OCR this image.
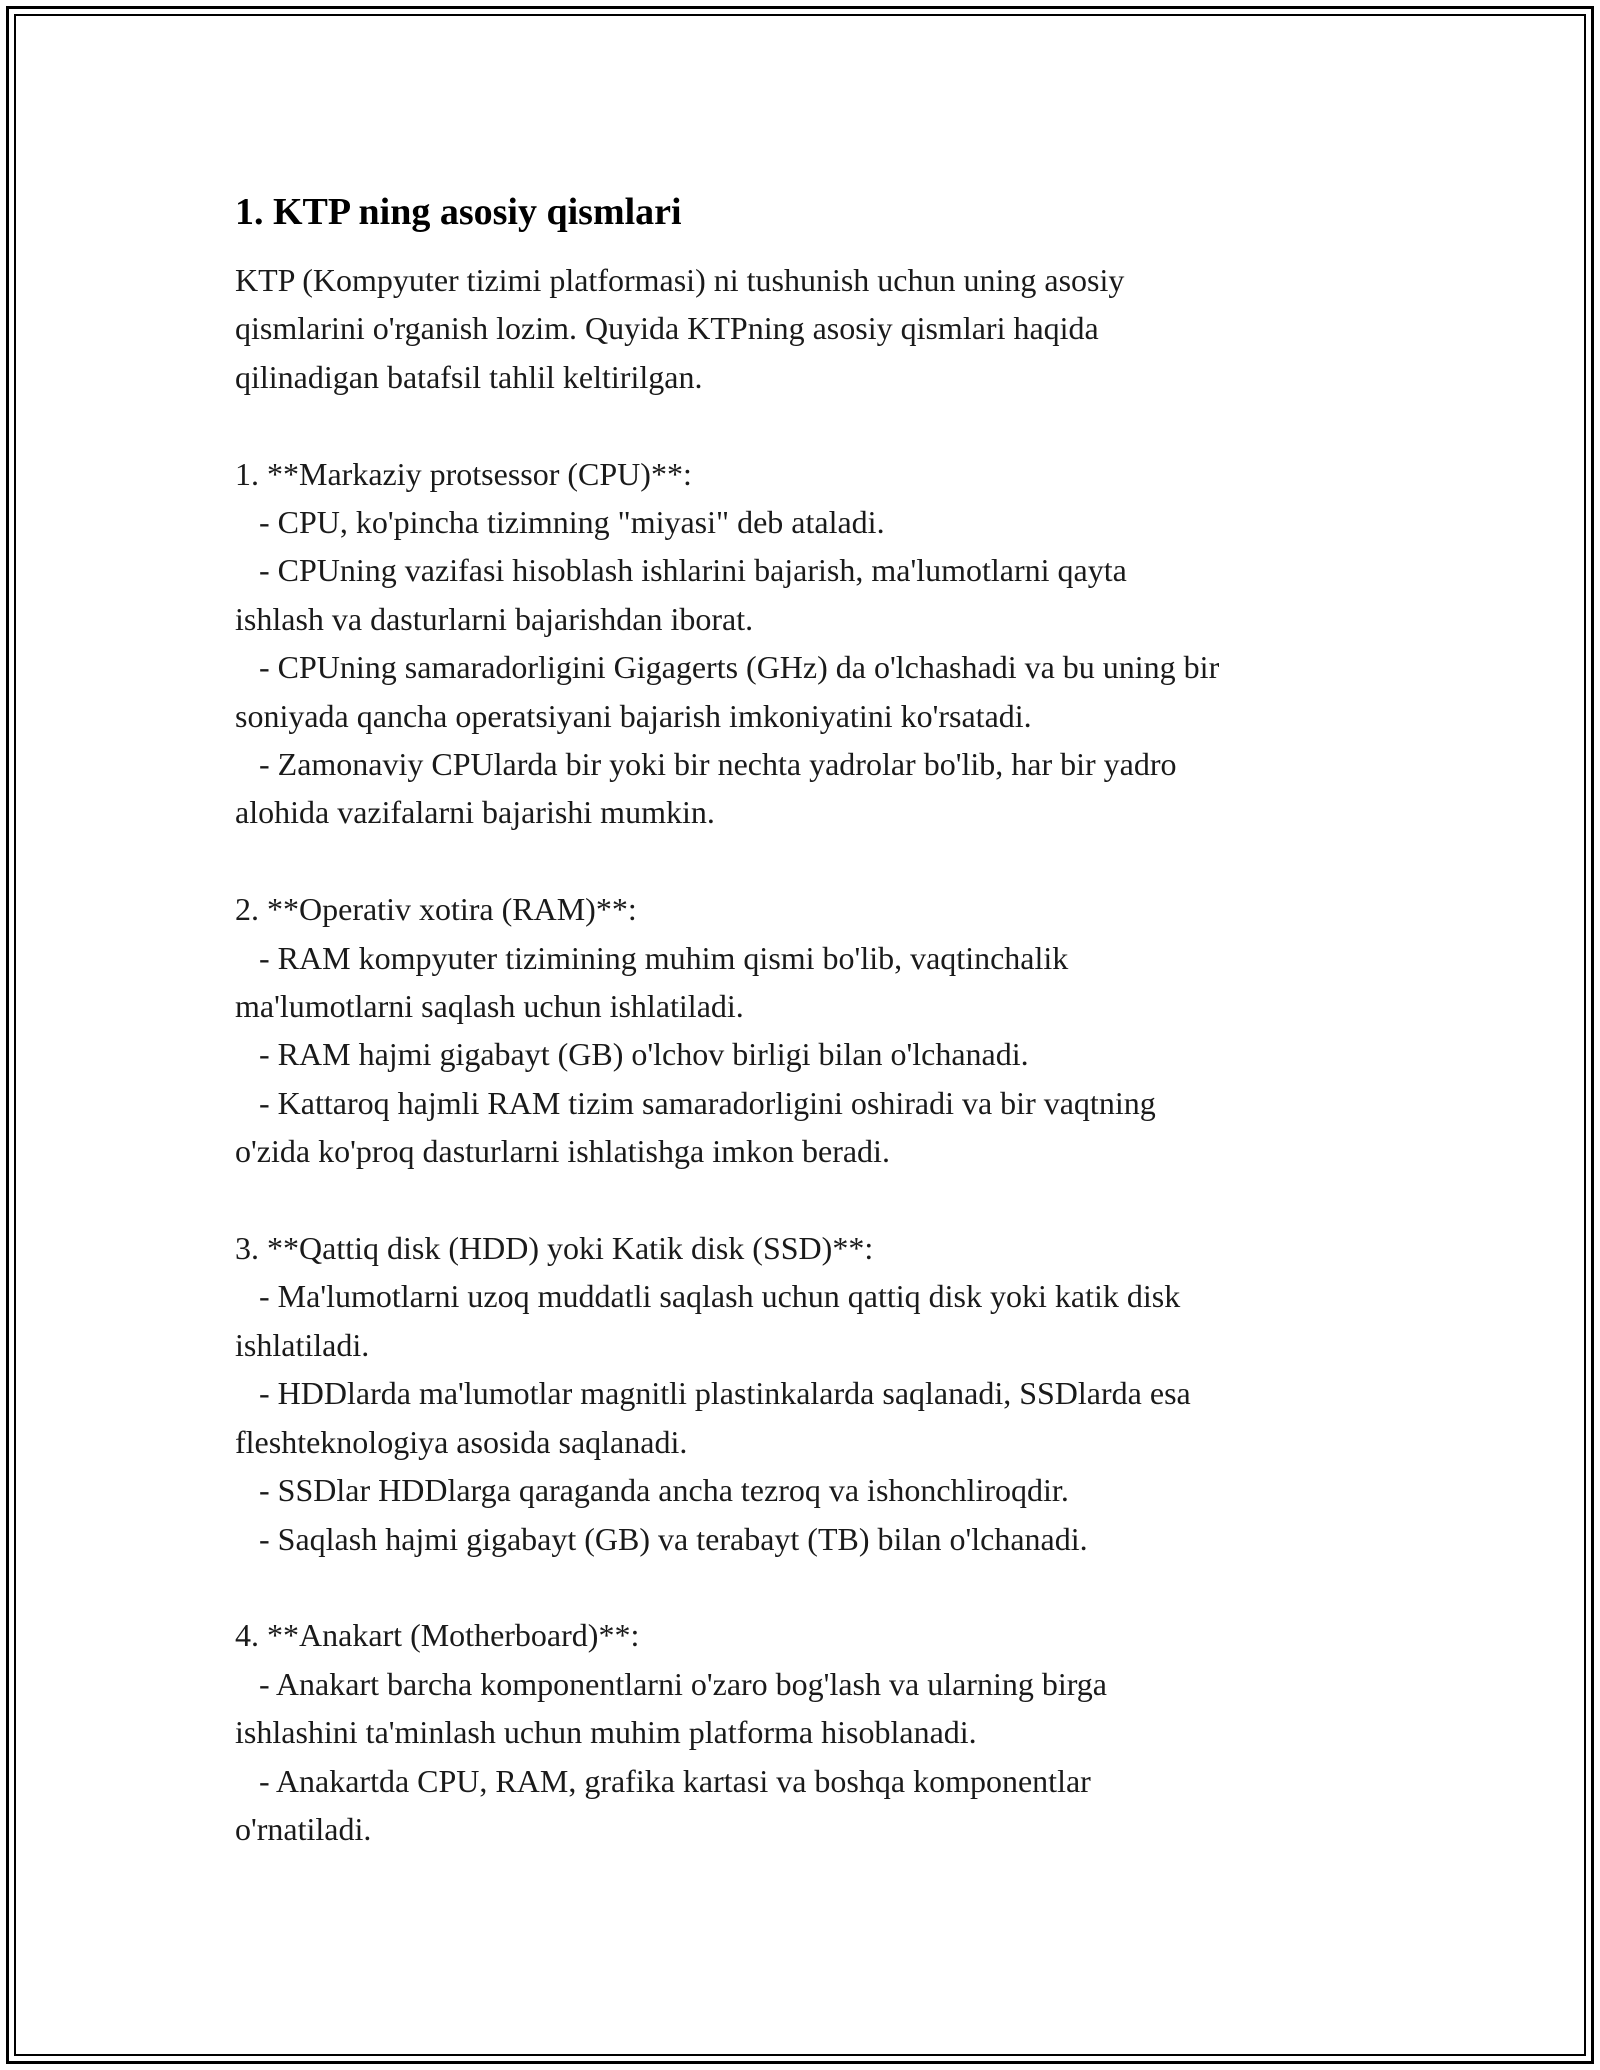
1. KTP ning asosiy qismlari

KTP (Kompyuter tizimi platformasi) ni tushunish uchun uning asosiy

qismlarini o'rganish lozim. Quyida KTPning asosiy qismlari haqida

qilinadigan batafsil tahlil keltirilgan.

1. **Markaziy protsessor (CPU)**:

- CPU, ko'pincha tizimning "miyasi" deb ataladi.

- CPUning vazifasi hisoblash ishlarini bajarish, ma'lumotlarni qayta

ishlash va dasturlarni bajarishdan iborat.

- CPUning samaradorligini Gigagerts (GHz) da o'lchashadi va bu uning bir

soniyada qancha operatsiyani bajarish imkoniyatini ko'rsatadi.

- Zamonaviy CPUlarda bir yoki bir nechta yadrolar bo'lib, har bir yadro

alohida vazifalarni bajarishi mumkin.

2. **Operativ xotira (RAM)**:

- RAM kompyuter tizimining muhim qismi bo'lib, vaqtinchalik

ma'lumotlarni saqlash uchun ishlatiladi.

- RAM hajmi gigabayt (GB) o'lchov birligi bilan o'lchanadi.

- Kattaroq hajmli RAM tizim samaradorligini oshiradi va bir vaqtning

o'zida ko'proq dasturlarni ishlatishga imkon beradi.

3. **Qattiq disk (HDD) yoki Katik disk (SSD)**:

- Ma'lumotlarni uzoq muddatli saqlash uchun qattiq disk yoki katik disk

ishlatiladi.

- HDDlarda ma'lumotlar magnitli plastinkalarda saqlanadi, SSDlarda esa

fleshteknologiya asosida saqlanadi.

- SSDlar HDDlarga qaraganda ancha tezroq va ishonchliroqdir.

- Saqlash hajmi gigabayt (GB) va terabayt (TB) bilan o'lchanadi.

4. **Anakart (Motherboard)**:

- Anakart barcha komponentlarni o'zaro bog'lash va ularning birga

ishlashini ta'minlash uchun muhim platforma hisoblanadi.

- Anakartda CPU, RAM, grafika kartasi va boshqa komponentlar

o'rnatiladi.
